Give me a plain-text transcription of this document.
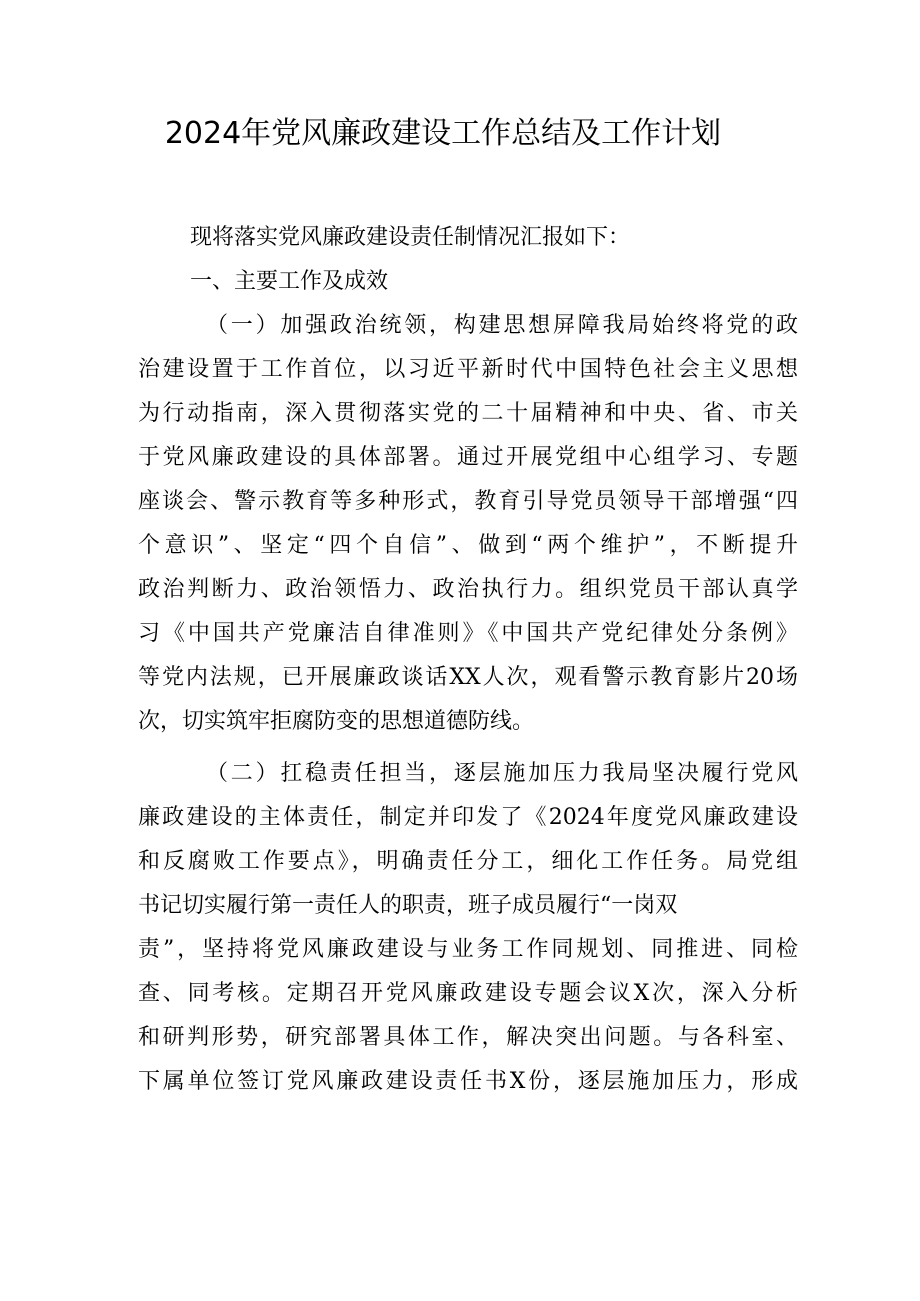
2024年党风廉政建设工作总结及工作计划
现将落实党风廉政建设责任制情况汇报如下：
一、主要工作及成效
（一）加强政治统领，构建思想屏障我局始终将党的政
治建设置于工作首位，以习近平新时代中国特色社会主义思想
为行动指南，深入贯彻落实党的二十届精神和中央、省、市关
于党风廉政建设的具体部署。通过开展党组中心组学习、专题
座谈会、警示教育等多种形式，教育引导党员领导干部增强“四
个意识”、坚定“四个自信”、做到“两个维护”，不断提升
政治判断力、政治领悟力、政治执行力。组织党员干部认真学
习《中国共产党廉洁自律准则》《中国共产党纪律处分条例》
等党内法规，已开展廉政谈话XX人次，观看警示教育影片20场
次，切实筑牢拒腐防变的思想道德防线。
（二）扛稳责任担当，逐层施加压力我局坚决履行党风
廉政建设的主体责任，制定并印发了《2024年度党风廉政建设
和反腐败工作要点》，明确责任分工，细化工作任务。局党组
书记切实履行第一责任人的职责，班子成员履行“一岗双
责”，坚持将党风廉政建设与业务工作同规划、同推进、同检
查、同考核。定期召开党风廉政建设专题会议X次，深入分析
和研判形势，研究部署具体工作，解决突出问题。与各科室、
下属单位签订党风廉政建设责任书X份，逐层施加压力，形成
